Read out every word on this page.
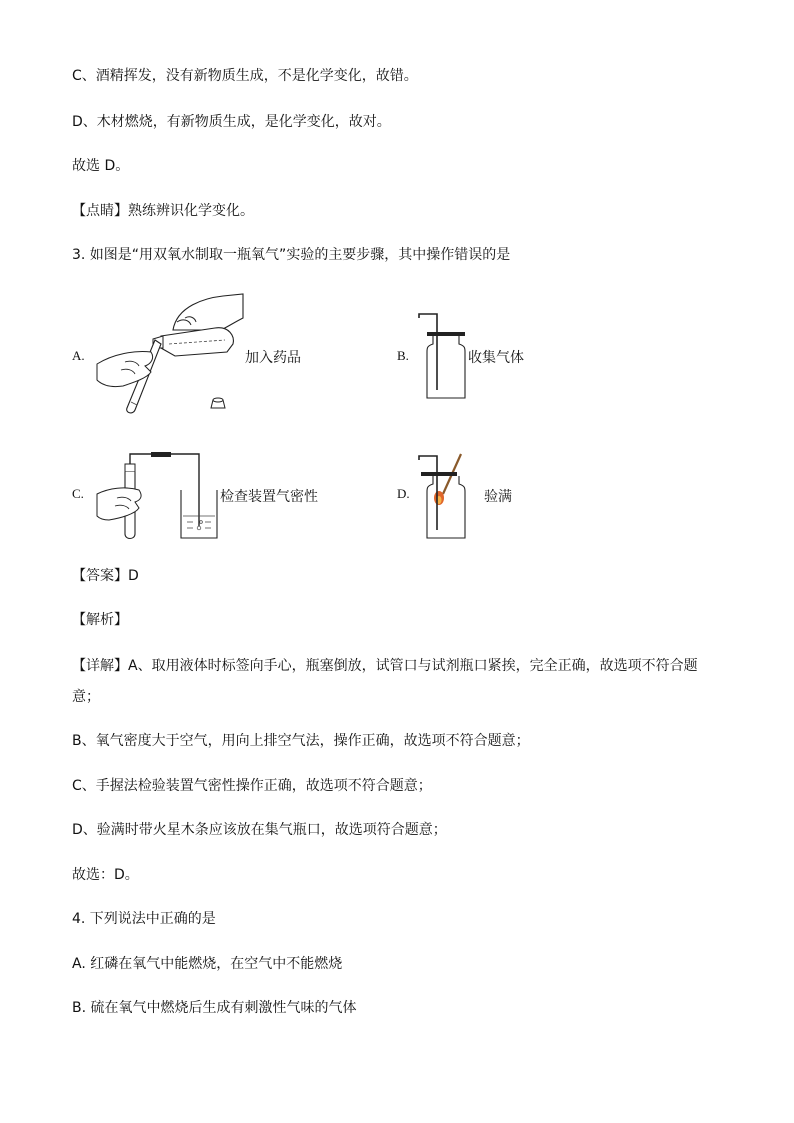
C、酒精挥发，没有新物质生成，不是化学变化，故错。
D、木材燃烧，有新物质生成，是化学变化，故对。
故选 D。
【点睛】熟练辨识化学变化。
3. 如图是“用双氧水制取一瓶氧气”实验的主要步骤，其中操作错误的是
A.	加入药品	B.	收集气体
C.	检查装置气密性	D.	验满
【答案】D
【解析】
【详解】A、取用液体时标签向手心，瓶塞倒放，试管口与试剂瓶口紧挨，完全正确，故选项不符合题
意；
B、氧气密度大于空气，用向上排空气法，操作正确，故选项不符合题意；
C、手握法检验装置气密性操作正确，故选项不符合题意；
D、验满时带火星木条应该放在集气瓶口，故选项符合题意；
故选：D。
4. 下列说法中正确的是
A. 红磷在氧气中能燃烧，在空气中不能燃烧
B. 硫在氧气中燃烧后生成有刺激性气味的气体
